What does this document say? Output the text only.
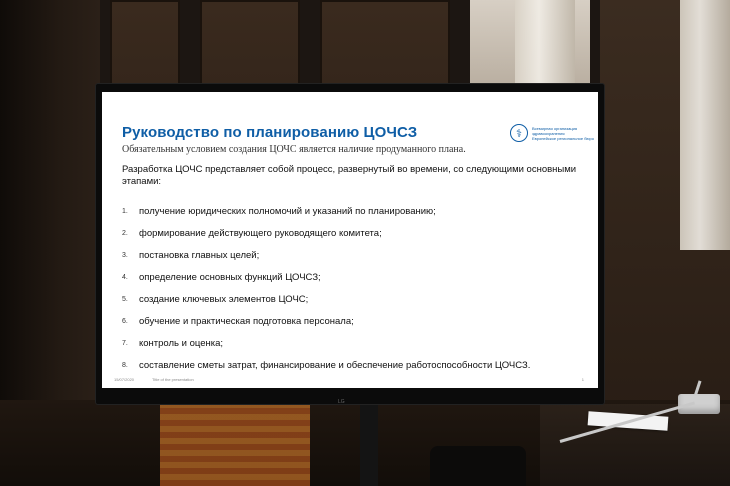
⚕	Всемирная организация
здравоохранения
Европейское региональное бюро
Руководство по планированию ЦОЧСЗ
Обязательным условием создания ЦОЧС является наличие продуманного плана.
Разработка ЦОЧС представляет собой процесс, развернутый во времени, со следующими основными этапами:
1.	получение юридических полномочий и указаний по планированию;
2.	формирование действующего руководящего комитета;
3.	постановка главных целей;
4.	определение основных функций ЦОЧСЗ;
5.	создание ключевых элементов ЦОЧС;
6.	обучение и практическая подготовка персонала;
7.	контроль и оценка;
8.	составление сметы затрат, финансирование и обеспечение работоспособности ЦОЧСЗ.
15/07/2020	Title of the presentation	1
LG
